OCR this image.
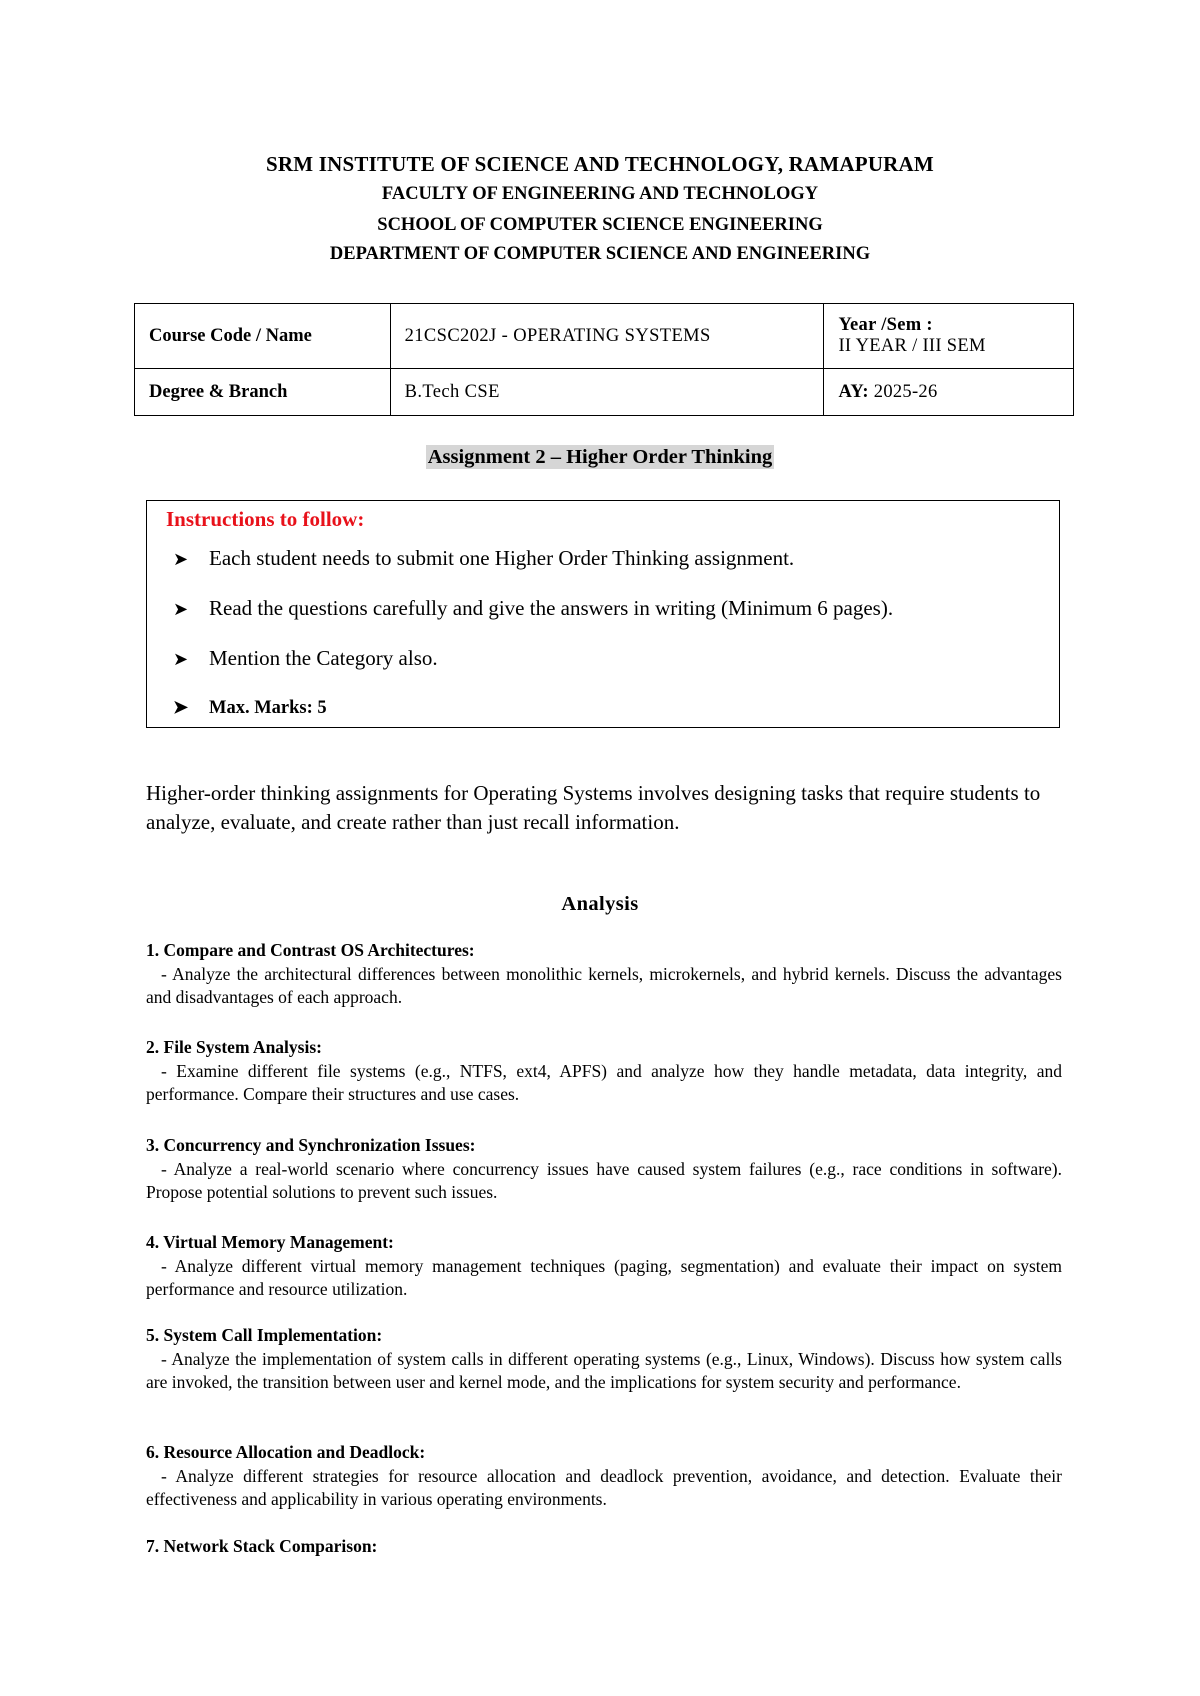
SRM INSTITUTE OF SCIENCE AND TECHNOLOGY, RAMAPURAM
FACULTY OF ENGINEERING AND TECHNOLOGY
SCHOOL OF COMPUTER SCIENCE ENGINEERING
DEPARTMENT OF COMPUTER SCIENCE AND ENGINEERING
Course Code / Name	21CSC202J - OPERATING SYSTEMS	Year /Sem :
II YEAR / III SEM

Degree & Branch	B.Tech CSE	AY: 2025-26
Assignment 2 – Higher Order Thinking
Instructions to follow:
➤ Each student needs to submit one Higher Order Thinking assignment.
➤ Read the questions carefully and give the answers in writing (Minimum 6 pages).
➤ Mention the Category also.
➤	Max. Marks: 5
Higher-order thinking assignments for Operating Systems involves designing tasks that require students to analyze, evaluate, and create rather than just recall information.
Analysis
1. Compare and Contrast OS Architectures:
- Analyze the architectural differences between monolithic kernels, microkernels, and hybrid kernels. Discuss the advantages and disadvantages of each approach.
2. File System Analysis:
- Examine different file systems (e.g., NTFS, ext4, APFS) and analyze how they handle metadata, data integrity, and performance. Compare their structures and use cases.
3. Concurrency and Synchronization Issues:
- Analyze a real-world scenario where concurrency issues have caused system failures (e.g., race conditions in software). Propose potential solutions to prevent such issues.
4. Virtual Memory Management:
- Analyze different virtual memory management techniques (paging, segmentation) and evaluate their impact on system performance and resource utilization.
5. System Call Implementation:
- Analyze the implementation of system calls in different operating systems (e.g., Linux, Windows). Discuss how system calls are invoked, the transition between user and kernel mode, and the implications for system security and performance.
6. Resource Allocation and Deadlock:
- Analyze different strategies for resource allocation and deadlock prevention, avoidance, and detection. Evaluate their effectiveness and applicability in various operating environments.
7. Network Stack Comparison:
